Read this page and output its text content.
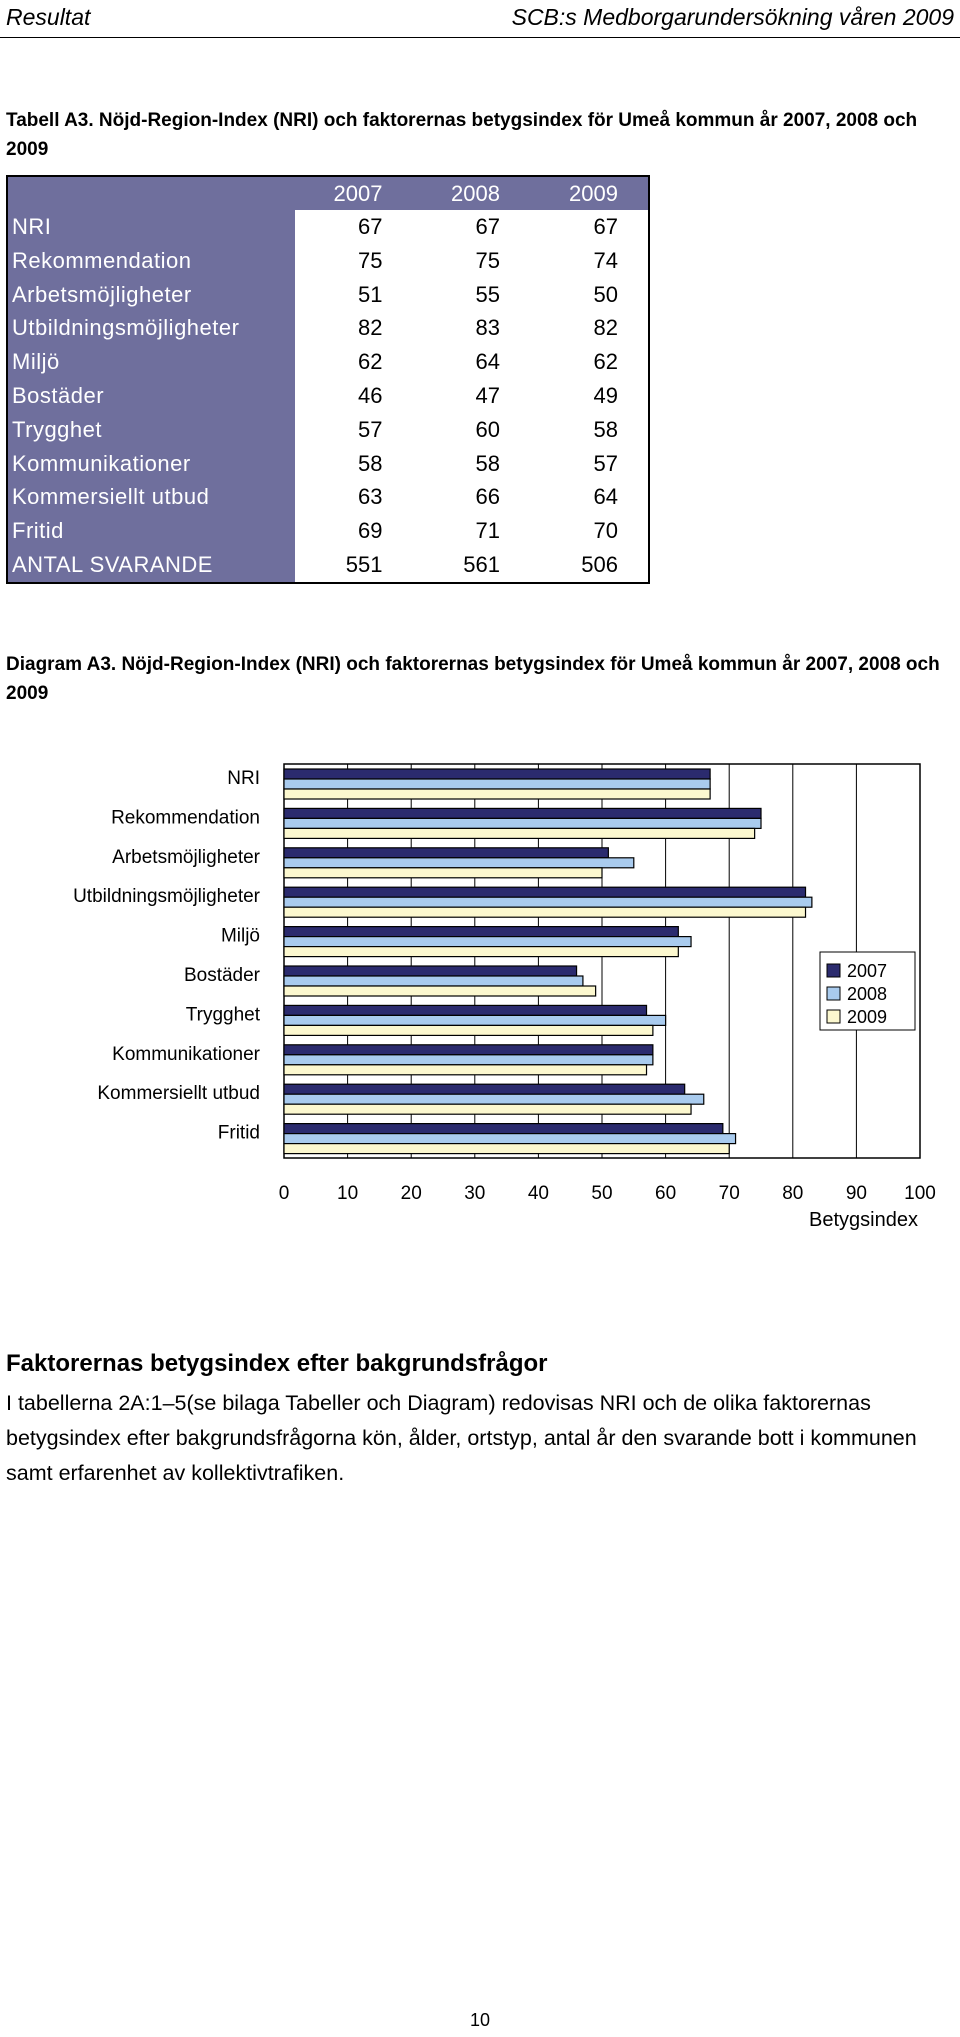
Resultat	SCB:s Medborgarundersökning våren 2009
Tabell A3. Nöjd-Region-Index (NRI) och faktorernas betygsindex för Umeå kommun år 2007, 2008 och 2009
	2007	2008	2009
NRI	67	67	67
Rekommendation	75	75	74
Arbetsmöjligheter	51	55	50
Utbildningsmöjligheter	82	83	82
Miljö	62	64	62
Bostäder	46	47	49
Trygghet	57	60	58
Kommunikationer	58	58	57
Kommersiellt utbud	63	66	64
Fritid	69	71	70
ANTAL SVARANDE	551	561	506
Diagram A3. Nöjd-Region-Index (NRI) och faktorernas betygsindex för Umeå kommun år 2007, 2008 och 2009
0	10 20 30 40 50 60 70 80 90 100
Betygsindex
NRI
Rekommendation
Arbetsmöjligheter
Utbildningsmöjligheter
Miljö
Bostäder
Trygghet
Kommunikationer
Kommersiellt utbud
Fritid
2007
2008
2009
Faktorernas betygsindex efter bakgrundsfrågor
I tabellerna 2A:1–5(se bilaga Tabeller och Diagram) redovisas NRI och de olika faktorernas betygsindex efter bakgrundsfrågorna kön, ålder, ortstyp, antal år den svarande bott i kommunen samt erfarenhet av kollektivtrafiken.
10
